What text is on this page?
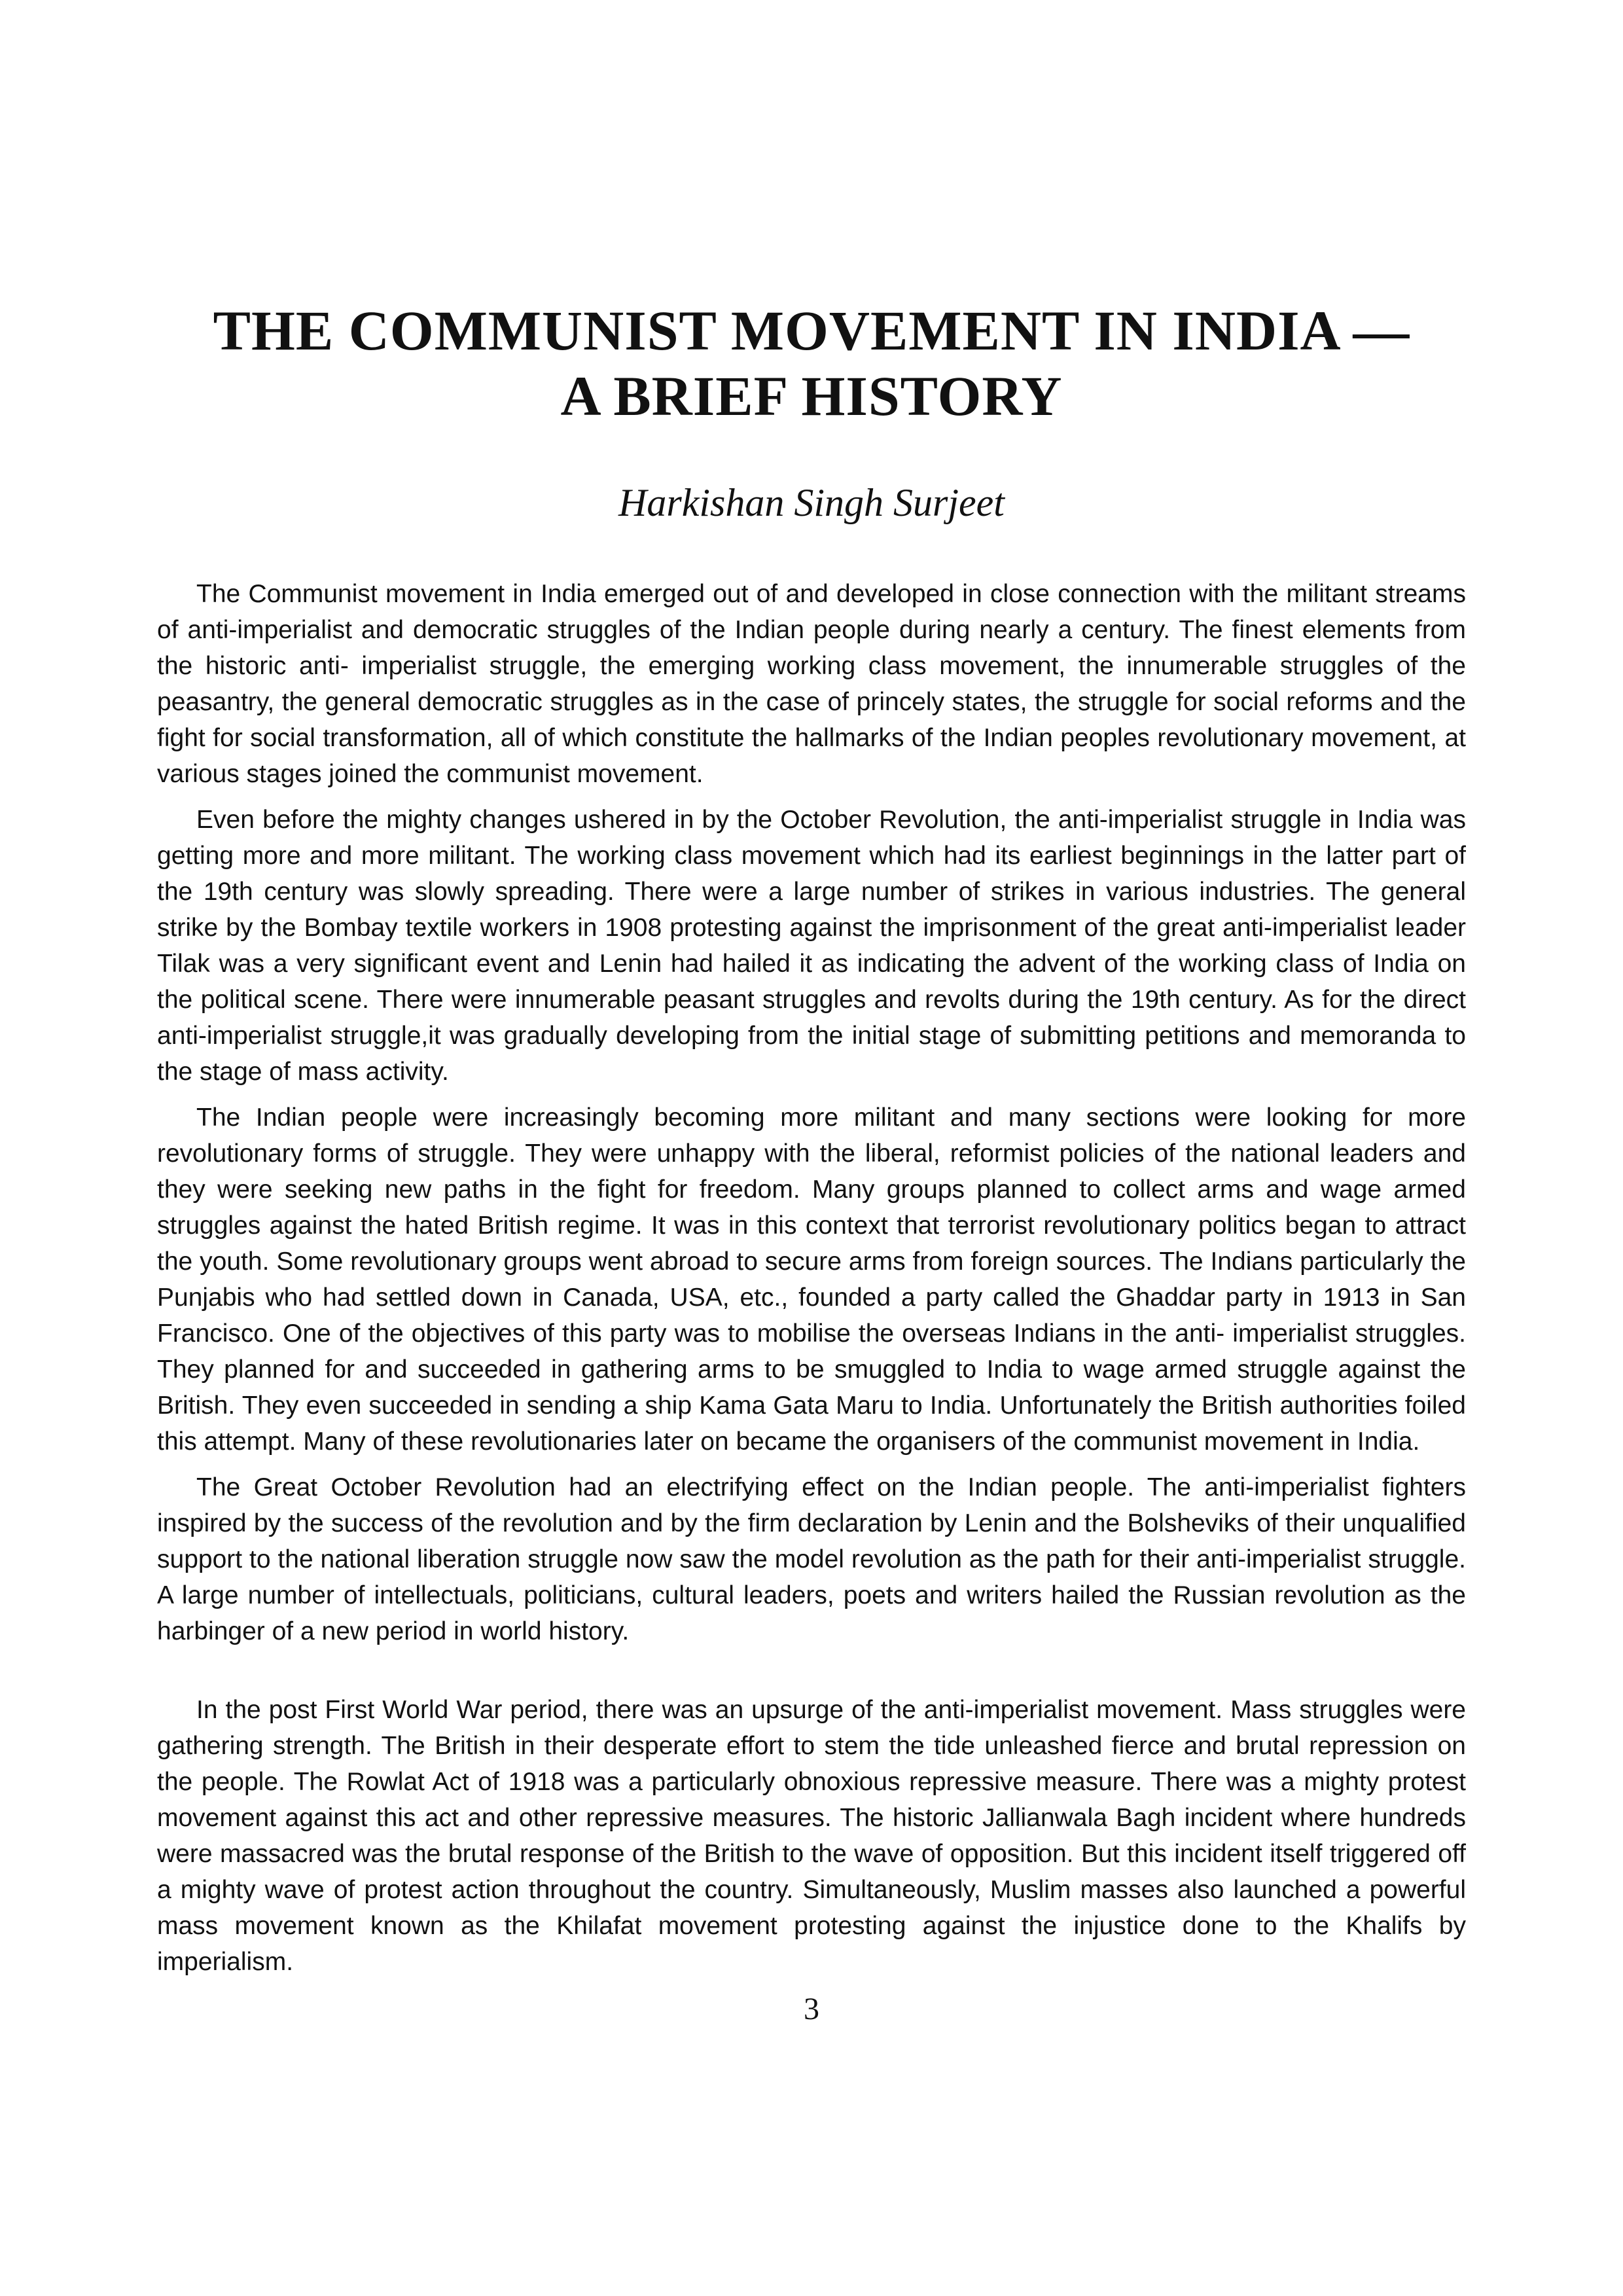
THE COMMUNIST MOVEMENT IN INDIA —
A BRIEF HISTORY

Harkishan Singh Surjeet

The Communist movement in India emerged out of and developed in close connection with the militant streams of anti-imperialist and democratic struggles of the Indian people during nearly a century. The finest elements from the historic anti- imperialist struggle, the emerging working class movement, the innumerable struggles of the peasantry, the general democratic struggles as in the case of princely states, the struggle for social reforms and the fight for social transformation, all of which constitute the hallmarks of the Indian peoples revolutionary movement, at various stages joined the communist movement.

Even before the mighty changes ushered in by the October Revolution, the anti-imperialist struggle in India was getting more and more militant. The working class movement which had its earliest beginnings in the latter part of the 19th century was slowly spreading. There were a large number of strikes in various industries. The general strike by the Bombay textile workers in 1908 protesting against the imprisonment of the great anti-imperialist leader Tilak was a very significant event and Lenin had hailed it as indicating the advent of the working class of India on the political scene. There were innumerable peasant struggles and revolts during the 19th century. As for the direct anti-imperialist struggle,it was gradually developing from the initial stage of submitting petitions and memoranda to the stage of mass activity.

The Indian people were increasingly becoming more militant and many sections were looking for more revolutionary forms of struggle. They were unhappy with the liberal, reformist policies of the national leaders and they were seeking new paths in the fight for freedom. Many groups planned to collect arms and wage armed struggles against the hated British regime. It was in this context that terrorist revolutionary politics began to attract the youth. Some revolutionary groups went abroad to secure arms from foreign sources. The Indians particularly the Punjabis who had settled down in Canada, USA, etc., founded a party called the Ghaddar party in 1913 in San Francisco. One of the objectives of this party was to mobilise the overseas Indians in the anti- imperialist struggles. They planned for and succeeded in gathering arms to be smuggled to India to wage armed struggle against the British. They even succeeded in sending a ship Kama Gata Maru to India. Unfortunately the British authorities foiled this attempt. Many of these revolutionaries later on became the organisers of the communist movement in India.

The Great October Revolution had an electrifying effect on the Indian people. The anti-imperialist fighters inspired by the success of the revolution and by the firm declaration by Lenin and the Bolsheviks of their unqualified support to the national liberation struggle now saw the model revolution as the path for their anti-imperialist struggle. A large number of intellectuals, politicians, cultural leaders, poets and writers hailed the Russian revolution as the harbinger of a new period in world history.

In the post First World War period, there was an upsurge of the anti-imperialist movement. Mass struggles were gathering strength. The British in their desperate effort to stem the tide unleashed fierce and brutal repression on the people. The Rowlat Act of 1918 was a particularly obnoxious repressive measure. There was a mighty protest movement against this act and other repressive measures. The historic Jallianwala Bagh incident where hundreds were massacred was the brutal response of the British to the wave of opposition. But this incident itself triggered off a mighty wave of protest action throughout the country. Simultaneously, Muslim masses also launched a powerful mass movement known as the Khilafat movement protesting against the injustice done to the Khalifs by imperialism.

3
